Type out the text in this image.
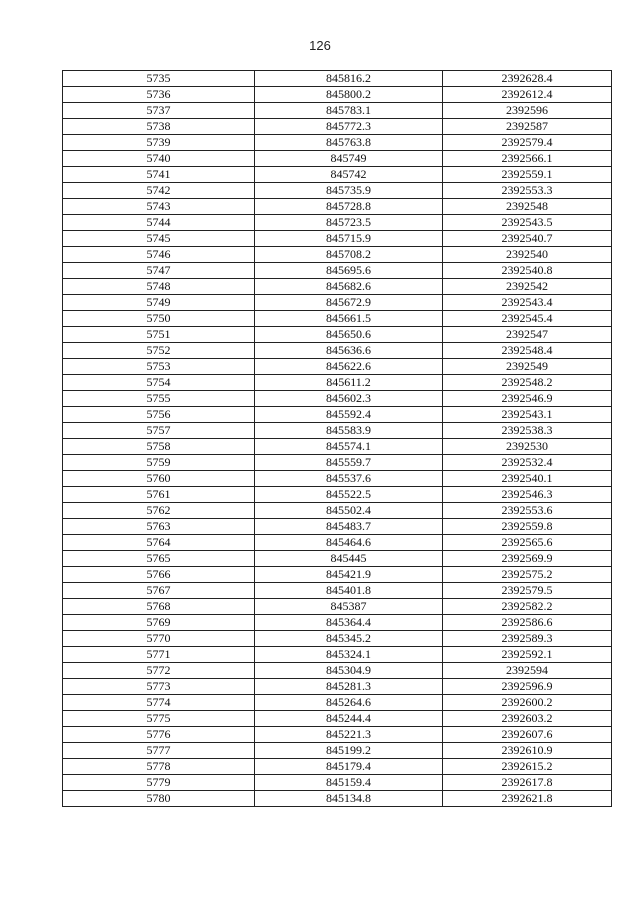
126
5735	845816.2	2392628.4
5736	845800.2	2392612.4
5737	845783.1	2392596
5738	845772.3	2392587
5739	845763.8	2392579.4
5740	845749	2392566.1
5741	845742	2392559.1
5742	845735.9	2392553.3
5743	845728.8	2392548
5744	845723.5	2392543.5
5745	845715.9	2392540.7
5746	845708.2	2392540
5747	845695.6	2392540.8
5748	845682.6	2392542
5749	845672.9	2392543.4
5750	845661.5	2392545.4
5751	845650.6	2392547
5752	845636.6	2392548.4
5753	845622.6	2392549
5754	845611.2	2392548.2
5755	845602.3	2392546.9
5756	845592.4	2392543.1
5757	845583.9	2392538.3
5758	845574.1	2392530
5759	845559.7	2392532.4
5760	845537.6	2392540.1
5761	845522.5	2392546.3
5762	845502.4	2392553.6
5763	845483.7	2392559.8
5764	845464.6	2392565.6
5765	845445	2392569.9
5766	845421.9	2392575.2
5767	845401.8	2392579.5
5768	845387	2392582.2
5769	845364.4	2392586.6
5770	845345.2	2392589.3
5771	845324.1	2392592.1
5772	845304.9	2392594
5773	845281.3	2392596.9
5774	845264.6	2392600.2
5775	845244.4	2392603.2
5776	845221.3	2392607.6
5777	845199.2	2392610.9
5778	845179.4	2392615.2
5779	845159.4	2392617.8
5780	845134.8	2392621.8
